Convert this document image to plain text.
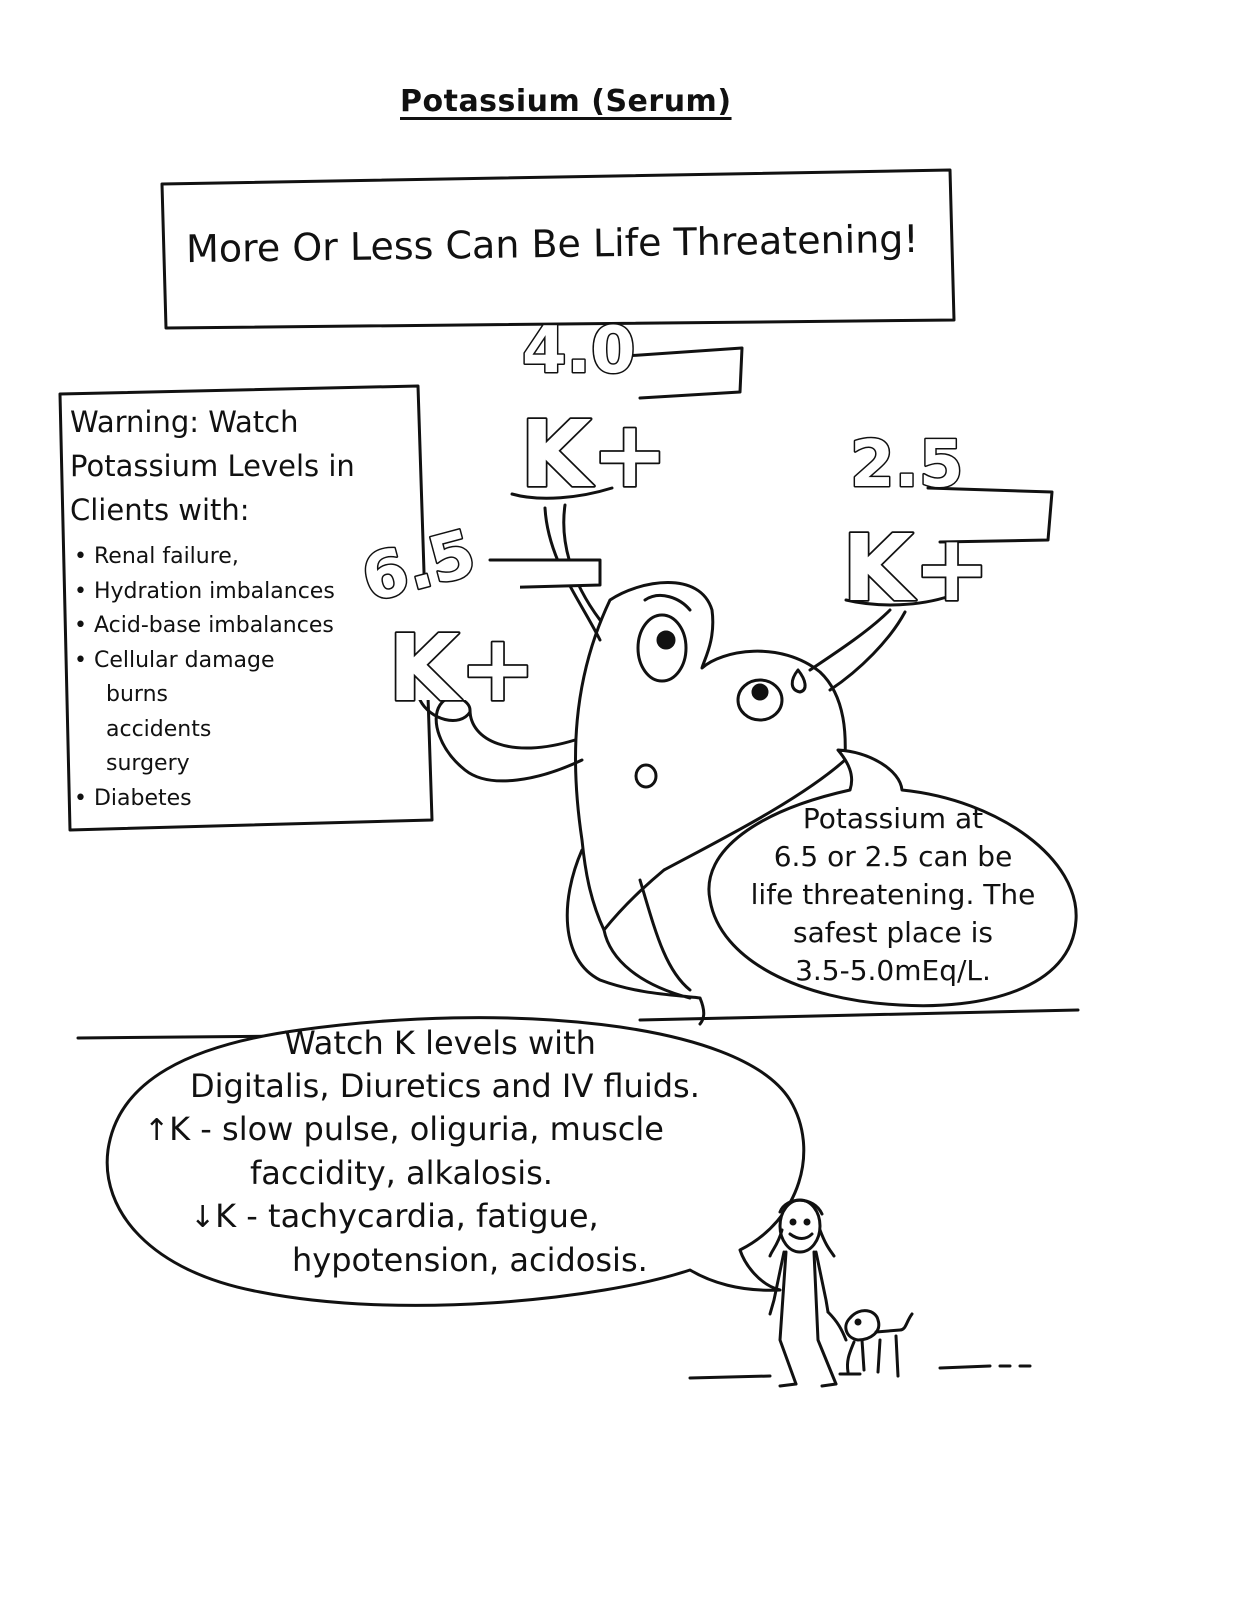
6.5
K+
4.0
K+	2.5
K+
Potassium (Serum)
More Or Less Can Be Life Threatening!
Warning: Watch Potassium Levels in Clients with:
• Renal failure,
• Hydration imbalances
• Acid-base imbalances
• Cellular damage
burns
accidents
surgery
• Diabetes
Potassium at
6.5 or 2.5 can be
life threatening. The
safest place is
3.5-5.0mEq/L.
Watch K levels with
Digitalis, Diuretics and IV fluids.
↑K - slow pulse, oliguria, muscle
faccidity, alkalosis.
↓K - tachycardia, fatigue,
hypotension, acidosis.
